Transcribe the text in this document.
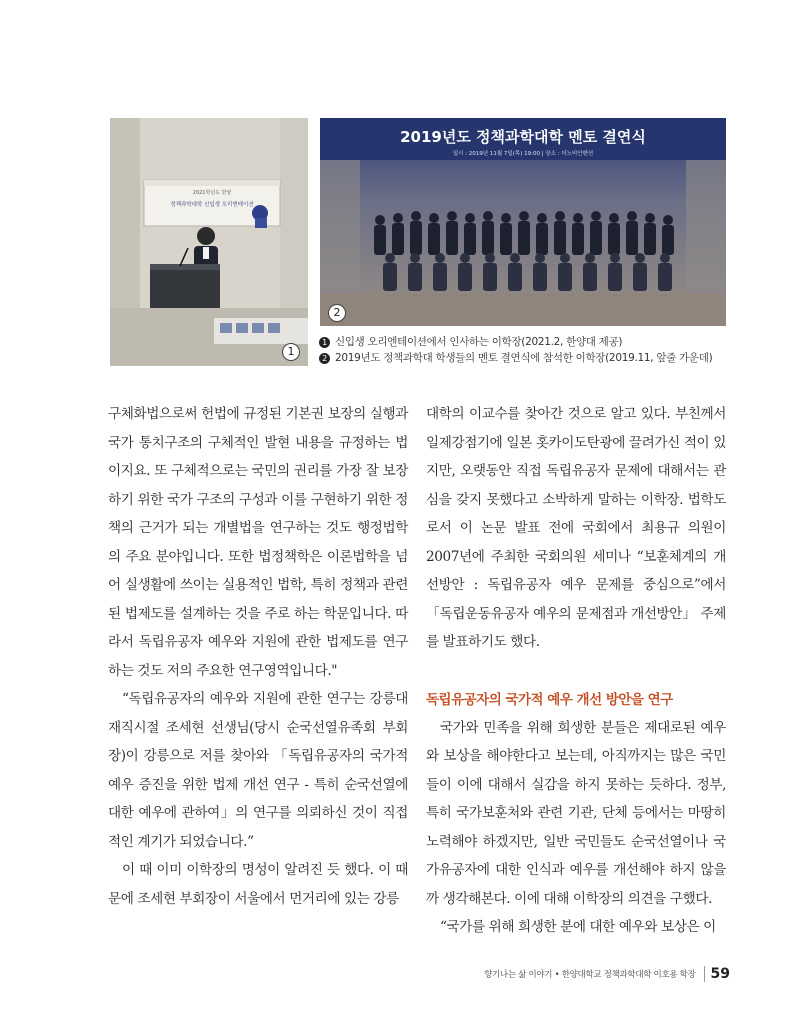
2021학년도 한양
정책과학대학 신입생 오리엔테이션
1
2019년도 정책과학대학 멘토 결연식
일시 : 2019년 11월 7일(목) 19:00 | 장소 : 더노비안펜션
2
1 신입생 오리엔테이션에서 인사하는 이학장(2021.2, 한양대 제공)
2 2019년도 정책과학대 학생들의 멘토 결연식에 참석한 이학장(2019.11, 앞줄 가운데)

구체화법으로써 헌법에 규정된 기본권 보장의 실행과 국가 통치구조의 구체적인 발현 내용을 규정하는 법이지요. 또 구체적으로는 국민의 권리를 가장 잘 보장하기 위한 국가 구조의 구성과 이를 구현하기 위한 정책의 근거가 되는 개별법을 연구하는 것도 행정법학의 주요 분야입니다. 또한 법정책학은 이론법학을 넘어 실생활에 쓰이는 실용적인 법학, 특히 정책과 관련된 법제도를 설계하는 것을 주로 하는 학문입니다. 따라서 독립유공자 예우와 지원에 관한 법제도를 연구하는 것도 저의 주요한 연구영역입니다."

“독립유공자의 예우와 지원에 관한 연구는 강릉대 재직시절 조세현 선생님(당시 순국선열유족회 부회장)이 강릉으로 저를 찾아와 「독립유공자의 국가적 예우 증진을 위한 법제 개선 연구 - 특히 순국선열에 대한 예우에 관하여」의 연구를 의뢰하신 것이 직접적인 계기가 되었습니다.”

이 때 이미 이학장의 명성이 알려진 듯 했다. 이 때문에 조세현 부회장이 서울에서 먼거리에 있는 강릉

대학의 이교수를 찾아간 것으로 알고 있다. 부친께서 일제강점기에 일본 홋카이도탄광에 끌려가신 적이 있지만, 오랫동안 직접 독립유공자 문제에 대해서는 관심을 갖지 못했다고 소박하게 말하는 이학장. 법학도로서 이 논문 발표 전에 국회에서 최용규 의원이 2007년에 주최한 국회의원 세미나 “보훈체계의 개선방안 : 독립유공자 예우 문제를 중심으로”에서 「독립운동유공자 예우의 문제점과 개선방안」 주제를 발표하기도 했다.

독립유공자의 국가적 예우 개선 방안을 연구

국가와 민족을 위해 희생한 분들은 제대로된 예우와 보상을 해야한다고 보는데, 아직까지는 많은 국민들이 이에 대해서 실감을 하지 못하는 듯하다. 정부, 특히 국가보훈처와 관련 기관, 단체 등에서는 마땅히 노력해야 하겠지만, 일반 국민들도 순국선열이나 국가유공자에 대한 인식과 예우를 개선해야 하지 않을까 생각해본다. 이에 대해 이학장의 의견을 구했다.

“국가를 위해 희생한 분에 대한 예우와 보상은 이

향기나는 삶 이야기 • 한양대학교 정책과학대학 이호용 학장 59
